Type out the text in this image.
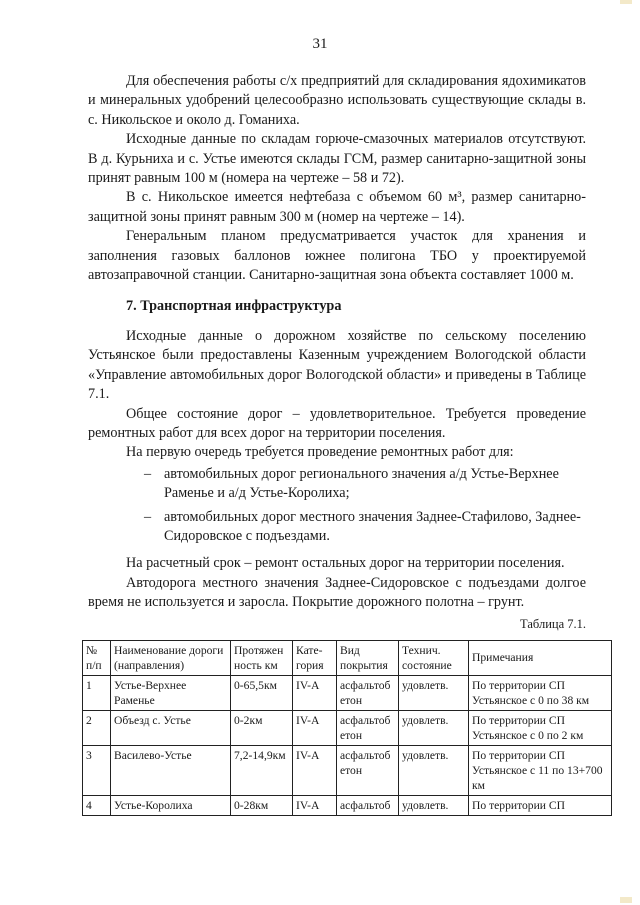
31

Для обеспечения работы с/х предприятий для складирования ядохимикатов и минеральных удобрений целесообразно использовать существующие склады в. с. Никольское и около д. Гоманиха.

Исходные данные по складам горюче-смазочных материалов отсутствуют. В д. Курьниха и с. Устье имеются склады ГСМ, размер санитарно-защитной зоны принят равным 100 м (номера на чертеже – 58 и 72).

В с. Никольское имеется нефтебаза с объемом 60 м³, размер санитарно-защитной зоны принят равным 300 м (номер на чертеже – 14).

Генеральным планом предусматривается участок для хранения и заполнения газовых баллонов южнее полигона ТБО у проектируемой автозаправочной станции. Санитарно-защитная зона объекта составляет 1000 м.

7. Транспортная инфраструктура

Исходные данные о дорожном хозяйстве по сельскому поселению Устьянское были предоставлены Казенным учреждением Вологодской области «Управление автомобильных дорог Вологодской области» и приведены в Таблице 7.1.

Общее состояние дорог – удовлетворительное. Требуется проведение ремонтных работ для всех дорог на территории поселения.

На первую очередь требуется проведение ремонтных работ для:

– автомобильных дорог регионального значения а/д Устье-Верхнее Раменье и а/д Устье-Королиха;
– автомобильных дорог местного значения Заднее-Стафилово, Заднее-Сидоровское с подъездами.

На расчетный срок – ремонт остальных дорог на территории поселения.

Автодорога местного значения Заднее-Сидоровское с подъездами долгое время не используется и заросла. Покрытие дорожного полотна – грунт.

Таблица 7.1.
№ п/п	Наименование дороги (направления)	Протяжен ность км	Кате-гория	Вид покрытия	Технич. состояние	Примечания
1	Устье-Верхнее Раменье	0-65,5км	IV-А	асфальтоб етон	удовлетв.	По территории СП Устьянское с 0 по 38 км
2	Объезд с. Устье	0-2км	IV-А	асфальтоб етон	удовлетв.	По территории СП Устьянское с 0 по 2 км
3	Василево-Устье	7,2-14,9км	IV-А	асфальтоб етон	удовлетв.	По территории СП Устьянское с 11 по 13+700 км
4	Устье-Королиха	0-28км	IV-А	асфальтоб	удовлетв.	По территории СП
